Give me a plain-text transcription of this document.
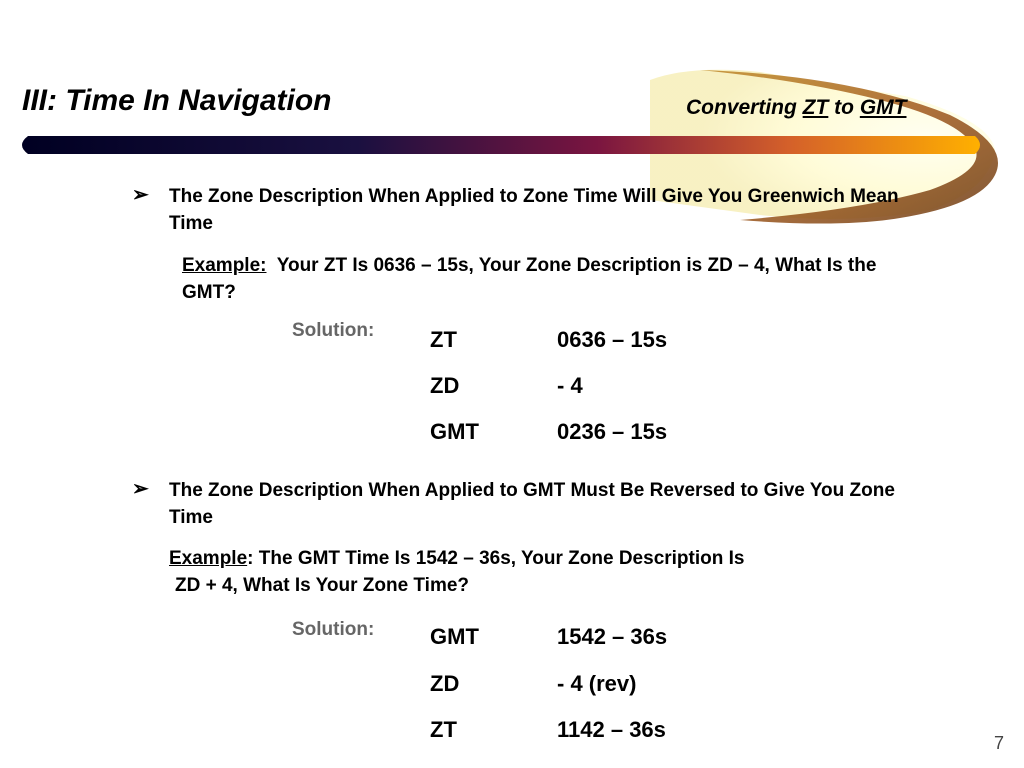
III: Time In Navigation	Converting ZT to GMT
➢ The Zone Description When Applied to Zone Time Will Give You Greenwich Mean Time
Example:  Your ZT Is 0636 – 15s, Your Zone Description is ZD – 4, What Is the GMT?
Solution:	ZT	0636 – 15s
ZD	- 4
GMT	0236 – 15s
➢ The Zone Description When Applied to GMT Must Be Reversed to Give You Zone Time
Example: The GMT Time Is 1542 – 36s, Your Zone Description Is
ZD + 4, What Is Your Zone Time?
Solution:	GMT	1542 – 36s
ZD	- 4 (rev)
ZT	1142 – 36s
7
